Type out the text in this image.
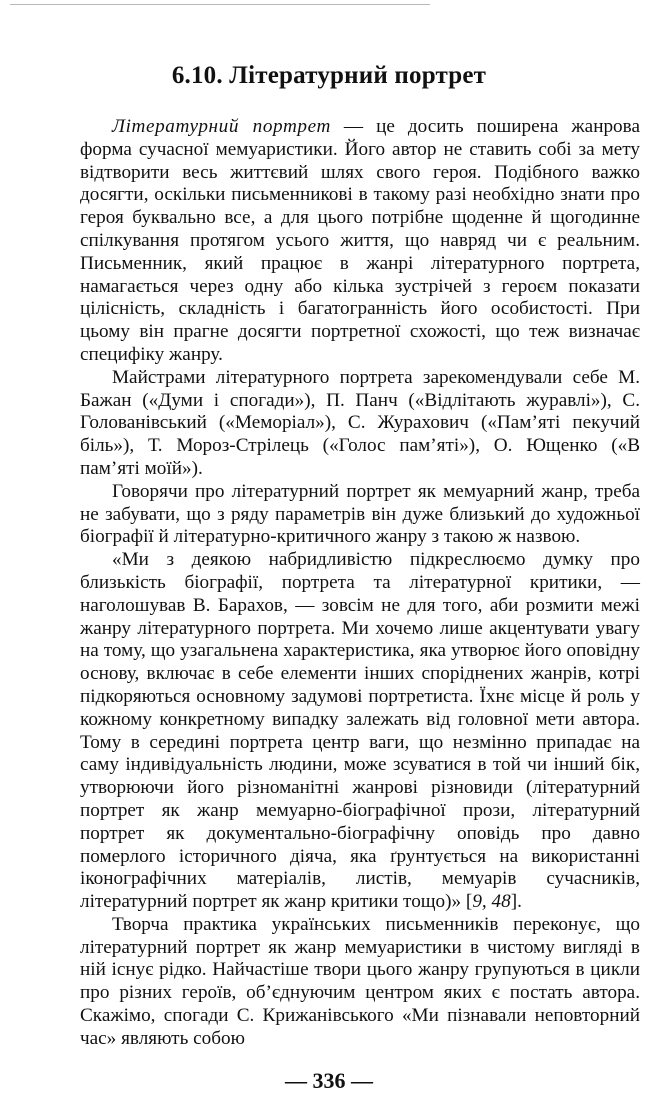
6.10. Літературний портрет

Літературний портрет — це досить поширена жанрова форма сучасної мемуаристики. Його автор не ставить собі за мету відтворити весь життєвий шлях свого героя. Подібного важко досягти, оскільки письменникові в такому разі необхідно знати про героя буквально все, а для цього потрібне щоденне й щогодинне спілкування протягом усього життя, що навряд чи є реальним. Письменник, який працює в жанрі літературного портрета, намагається через одну або кілька зустрічей з героєм показати цілісність, складність і багатогранність його особистості. При цьому він прагне досягти портретної схожості, що теж визначає специфіку жанру.

Майстрами літературного портрета зарекомендували себе М. Бажан («Думи і спогади»), П. Панч («Відлітають журавлі»), С. Голованівський («Меморіал»), С. Журахович («Пам’яті пекучий біль»), Т. Мороз-Стрілець («Голос пам’яті»), О. Ющенко («В пам’яті моїй»).

Говорячи про літературний портрет як мемуарний жанр, треба не забувати, що з ряду параметрів він дуже близький до художньої біографії й літературно-критичного жанру з такою ж назвою.

«Ми з деякою набридливістю підкреслюємо думку про близькість біографії, портрета та літературної критики, — наголошував В. Барахов, — зовсім не для того, аби розмити межі жанру літературного портрета. Ми хочемо лише акцентувати увагу на тому, що узагальнена характеристика, яка утворює його оповідну основу, включає в себе елементи інших споріднених жанрів, котрі підкоряються основному задумові портретиста. Їхнє місце й роль у кожному конкретному випадку залежать від головної мети автора. Тому в середині портрета центр ваги, що незмінно припадає на саму індивідуальність людини, може зсуватися в той чи інший бік, утворюючи його різноманітні жанрові різновиди (літературний портрет як жанр мемуарно-біографічної прози, літературний портрет як документально-біографічну оповідь про давно померлого історичного діяча, яка ґрунтується на використанні іконографічних матеріалів, листів, мемуарів сучасників, літературний портрет як жанр критики тощо)» [9, 48].

Творча практика українських письменників переконує, що літературний портрет як жанр мемуаристики в чистому вигляді в ній існує рідко. Найчастіше твори цього жанру групуються в цикли про різних героїв, об’єднуючим центром яких є постать автора. Скажімо, спогади С. Крижанівського «Ми пізнавали неповторний час» являють собою

— 336 —
